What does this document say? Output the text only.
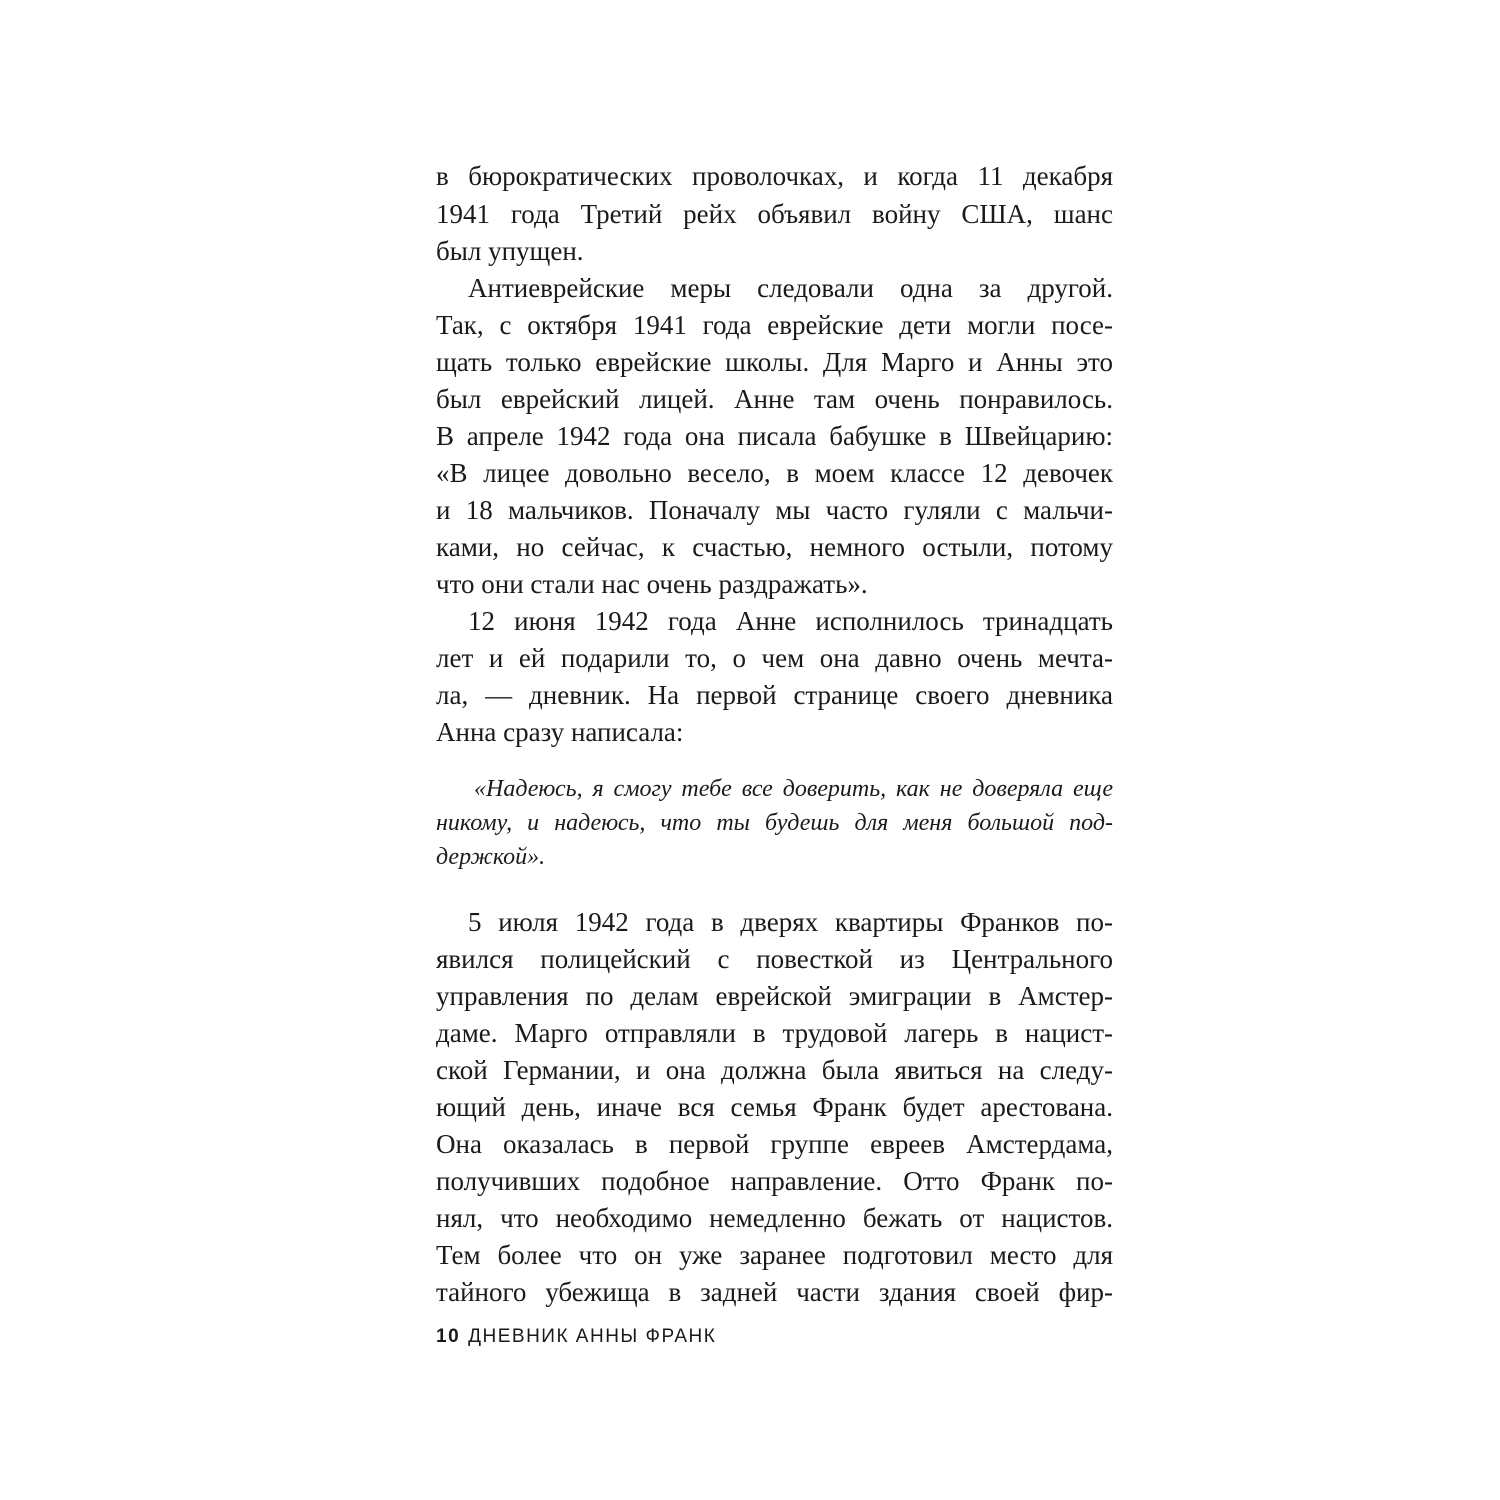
в бюрократических проволочках, и когда 11 декабря

1941 года Третий рейх объявил войну США, шанс

был упущен.

Антиеврейские меры следовали одна за другой.

Так, с октября 1941 года еврейские дети могли посе-

щать только еврейские школы. Для Марго и Анны это

был еврейский лицей. Анне там очень понравилось.

В апреле 1942 года она писала бабушке в Швейцарию:

«В лицее довольно весело, в моем классе 12 девочек

и 18 мальчиков. Поначалу мы часто гуляли с мальчи-

ками, но сейчас, к счастью, немного остыли, потому

что они стали нас очень раздражать».

12 июня 1942 года Анне исполнилось тринадцать

лет и ей подарили то, о чем она давно очень мечта-

ла, — дневник. На первой странице своего дневника

Анна сразу написала:

«Надеюсь, я смогу тебе все доверить, как не доверяла еще

никому, и надеюсь, что ты будешь для меня большой под-

держкой».

5 июля 1942 года в дверях квартиры Франков по-

явился полицейский с повесткой из Центрального

управления по делам еврейской эмиграции в Амстер-

даме. Марго отправляли в трудовой лагерь в нацист-

ской Германии, и она должна была явиться на следу-

ющий день, иначе вся семья Франк будет арестована.

Она оказалась в первой группе евреев Амстердама,

получивших подобное направление. Отто Франк по-

нял, что необходимо немедленно бежать от нацистов.

Тем более что он уже заранее подготовил место для

тайного убежища в задней части здания своей фир-

10 ДНЕВНИК АННЫ ФРАНК
